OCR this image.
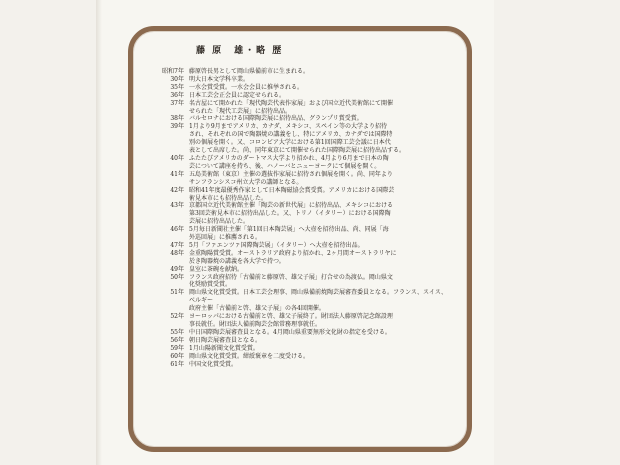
藤 原　雄・略 歴
昭和7年 藤原啓長男として岡山県備前市に生まれる。
30年 明大日本文学科卒業。
35年 一水会賞受賞。一水会会員に推挙される。
36年 日本工芸会正会員に認定せられる。
37年 名古屋にて開かれた「現代陶芸代表作家展」および国立近代美術館にて開催
せられた「現代工芸展」に招待出品。
38年 バルセロナにおける国際陶芸展に招待出品、グランプリ賞受賞。
39年 1月より9月までアメリカ、カナダ、メキシコ、スペイン等の大学より招待
され、それぞれの国で陶器焼の講義をし、特にアメリカ、カナダでは国際特
別の個展を開く。又、コロンビア大学における第1回国際工芸会議に日本代
表として出席した。尚、同年東京にて開催せられた国際陶芸展に招待出品する。
40年 ふたたびアメリカのダートマス大学より招かれ、4月より6月まで日本の陶
芸について講座を持ち、後、ハノーバとニューヨークにて個展を開く。
41年 五島美術館（東京）主催の選抜作家展に招待され個展を開く。尚、同年より
サンフランシスコ州立大学の講師となる。
42年 昭和41年度最優秀作家として日本陶磁協会賞受賞。アメリカにおける国際芸
術見本市にも招待出品した。
43年 京都国立近代美術館主催「陶芸の新世代展」に招待出品、メキシコにおける
第3回芸術見本市に招待出品した。又、トリノ（イタリー）における国際陶
芸展に招待出品した。
46年 5月毎日新聞社主催「第1回日本陶芸展」へ大壺を招待出品、尚、同展「海
外巡回展」に推薦される。
47年 5月「ファエンツァ国際陶芸展」（イタリー）へ大壺を招待出品。
48年 金重陶陽賞受賞。オーストラリア政府より招かれ、2ヶ月間オーストラリヤに
於き陶器焼の講義を各大学で持つ。
49年 皇室に茶碗を献納。
50年 フランス政府招待「古備前と藤原啓、雄父子展」打合せの為渡仏。岡山県文
化奨励賞受賞。
51年 岡山県文化賞受賞。日本工芸会理事、岡山県備前焼陶芸展審査委員となる。フランス、スイス、ベルギー
政府主催「古備前と啓、雄父子展」の各4回開催。
52年 ヨーロッパにおける古備前と啓、雄父子展終了。財団法人藤原啓記念館設理
事長就任。財団法人備前陶芸会館常務理事就任。
55年 中日国際陶芸展審査員となる。4月岡山県重要無形文化財の指定を受ける。
56年 朝日陶芸展審査員となる。
59年 1月山陽新聞文化賞受賞。
60年 岡山県文化賞受賞。紺綬褒章を二度受ける。
61年 中国文化賞受賞。
